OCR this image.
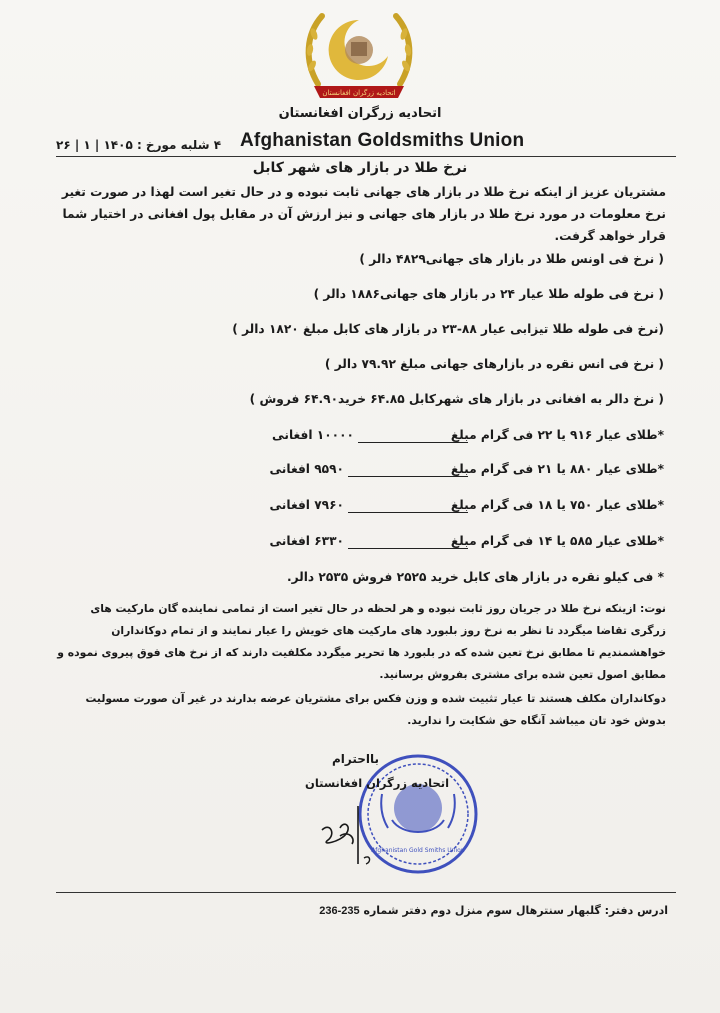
اتحادیه زرگران افغانستان
اتحادیه زرگران افغانستان
Afghanistan Goldsmiths Union
۴ شلبه مورخ : ۱۴۰۵ | ۱ | ۲۶
نرخ طلا در بازار های شهر کابل
مشتریان عزیز از اینکه نرخ طلا در بازار های جهانی ثابت نبوده و در حال تغیر است لهذا در صورت تغیر نرخ معلومات در مورد نرخ طلا در بازار های جهانی و نیز ارزش آن در مقابل پول افغانی در اختیار شما قرار خواهد گرفت.
( نرخ فی اونس طلا در بازار های جهانی۴۸۲۹ دالر )
( نرخ فی طوله طلا عیار ۲۴ در بازار های جهانی۱۸۸۶ دالر )
(نرخ فی طوله طلا تیزابی عیار ۸۸-۲۳ در بازار های کابل مبلغ ۱۸۲۰ دالر )
( نرخ فی انس نقره در بازارهای جهانی مبلغ ۷۹.۹۲ دالر )
( نرخ دالر به افغانی در بازار های شهرکابل ۶۴.۸۵ خرید۶۴.۹۰ فروش )
*طلای عیار ۹۱۶ یا ۲۲ فی گرام مبلغ
۱۰۰۰۰ افغانی
*طلای عیار ۸۸۰ یا ۲۱ فی گرام مبلغ
۹۵۹۰ افغانی
*طلای عیار ۷۵۰ یا ۱۸ فی گرام مبلغ
۷۹۶۰ افغانی
*طلای عیار ۵۸۵ یا ۱۴ فی گرام مبلغ
۶۳۳۰ افغانی
* فی کیلو نقره در بازار های کابل خرید ۲۵۲۵ فروش ۲۵۳۵ دالر.
نوت: ازینکه نرخ طلا در جریان روز ثابت نبوده و هر لحظه در حال تغیر است از تمامی نماینده گان مارکیت های زرگری تقاضا میگردد تا نظر به نرخ روز بلبورد های مارکیت های خویش را عیار نمایند و از تمام دوکانداران خواهشمندیم تا مطابق نرخ تعین شده که در بلبورد ها تحریر میگردد مکلفیت دارند که از نرخ های فوق پیروی نموده و مطابق اصول تعین شده برای مشتری بفروش برسانید.
دوکانداران مکلف هستند تا عیار تثبیت شده و وزن فکس برای مشتریان عرضه بدارند در غیر آن صورت مسولیت بدوش خود تان میباشد آنگاه حق شکایت را ندارید.
Afghanistan Gold Smiths Union
بااحترام
اتحادیه زرگران افغانستان
ادرس دفتر: گلبهار سنترهال سوم منزل دوم دفتر شماره 235-236
